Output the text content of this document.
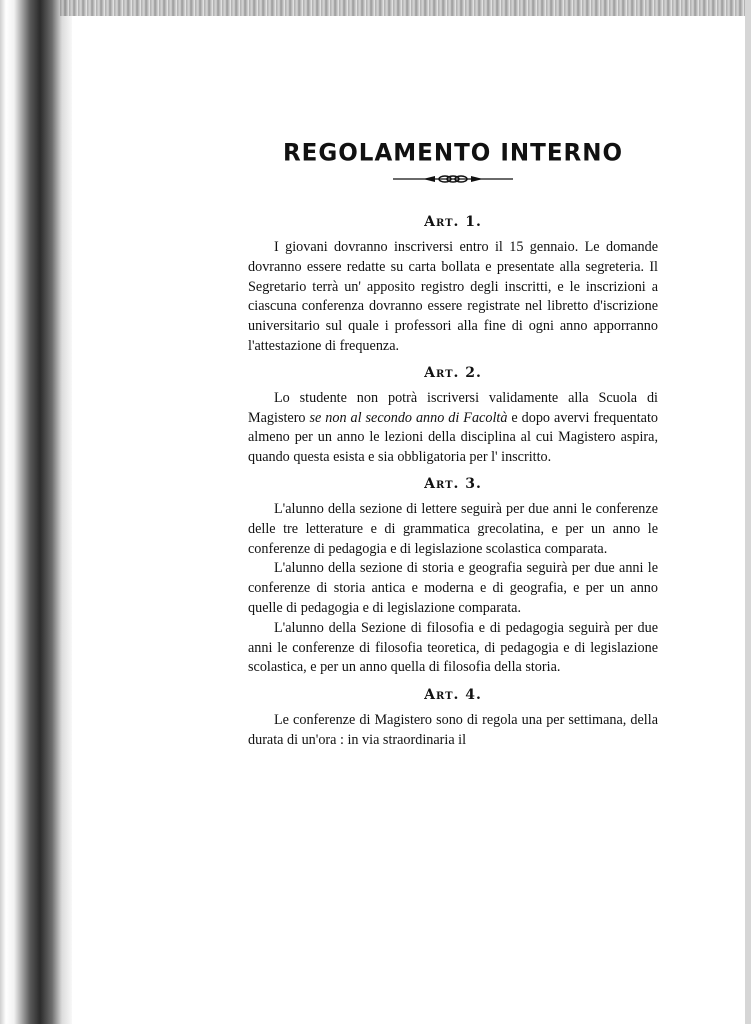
REGOLAMENTO INTERNO
Art. 1.

I giovani dovranno inscriversi entro il 15 gennaio. Le domande dovranno essere redatte su carta bollata e presentate alla segreteria. Il Segretario terrà un' apposito registro degli inscritti, e le inscrizioni a ciascuna conferenza dovranno essere registrate nel libretto d'iscrizione universitario sul quale i professori alla fine di ogni anno apporranno l'attestazione di frequenza.

Art. 2.

Lo studente non potrà iscriversi validamente alla Scuola di Magistero se non al secondo anno di Facoltà e dopo avervi frequentato almeno per un anno le lezioni della disciplina al cui Magistero aspira, quando questa esista e sia obbligatoria per l' inscritto.

Art. 3.

L'alunno della sezione di lettere seguirà per due anni le conferenze delle tre letterature e di grammatica grecolatina, e per un anno le conferenze di pedagogia e di legislazione scolastica comparata.

L'alunno della sezione di storia e geografia seguirà per due anni le conferenze di storia antica e moderna e di geografia, e per un anno quelle di pedagogia e di legislazione comparata.

L'alunno della Sezione di filosofia e di pedagogia seguirà per due anni le conferenze di filosofia teoretica, di pedagogia e di legislazione scolastica, e per un anno quella di filosofia della storia.

Art. 4.

Le conferenze di Magistero sono di regola una per settimana, della durata di un'ora : in via straordinaria il
